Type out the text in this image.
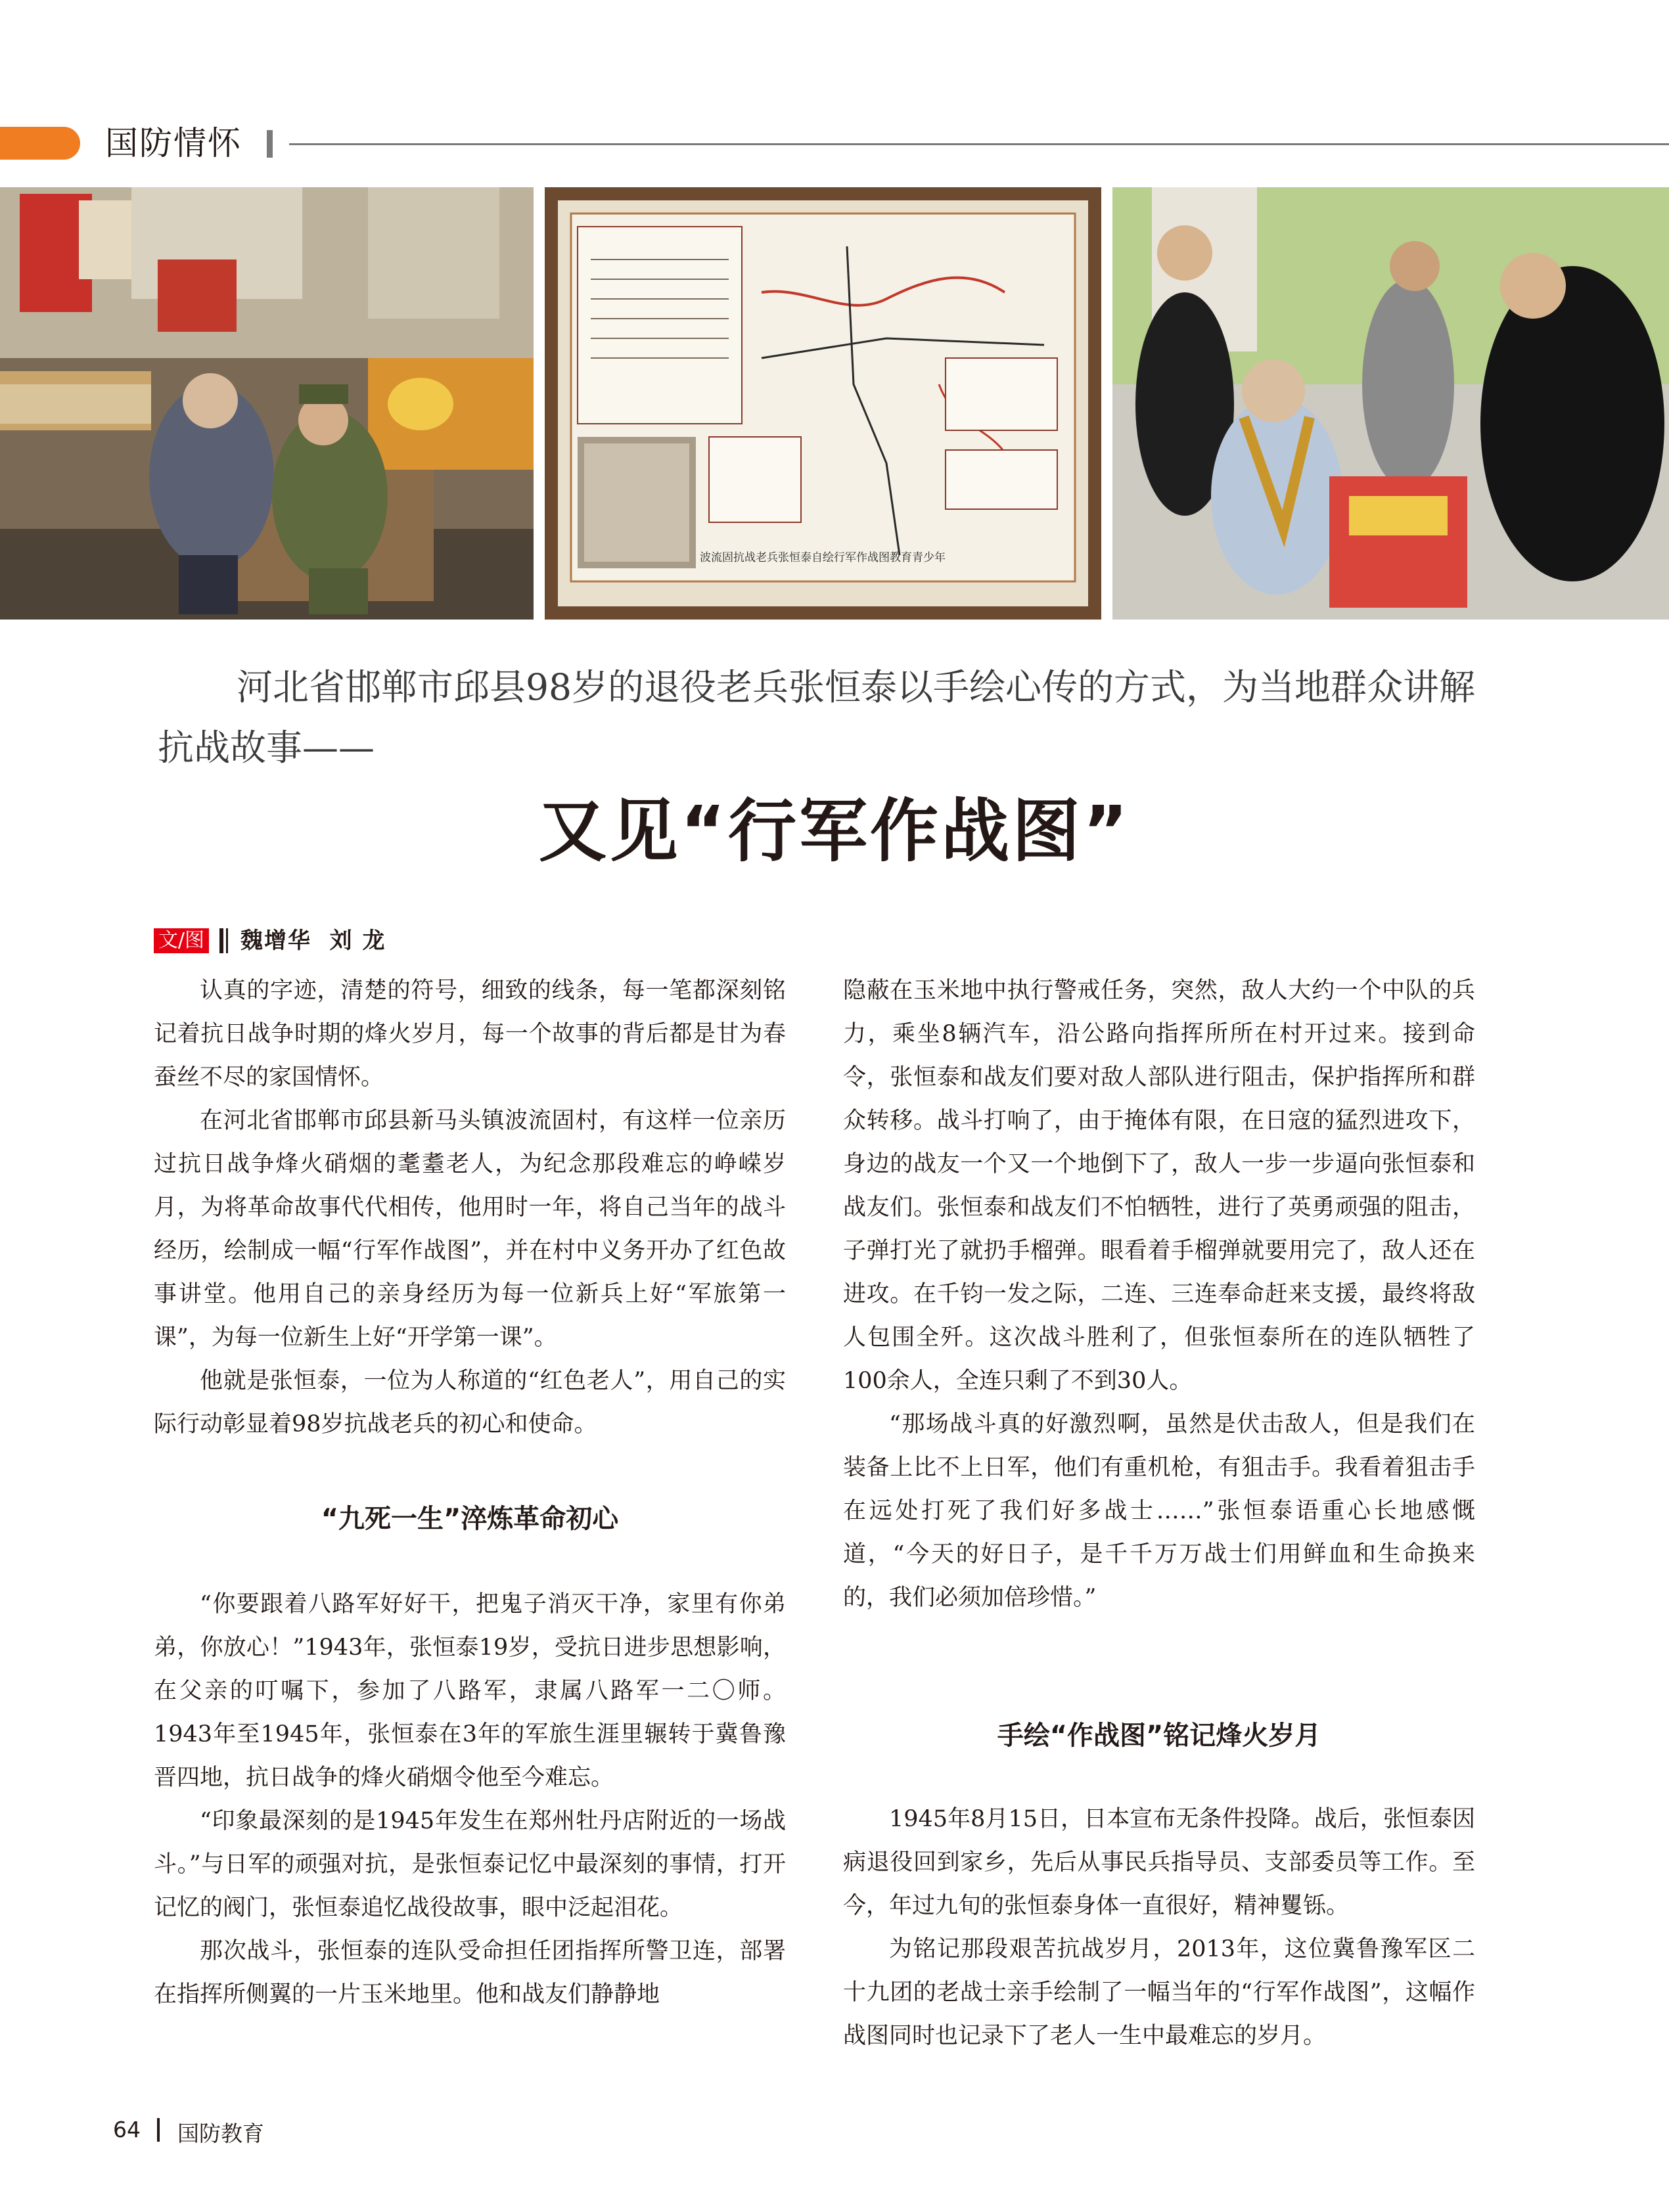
国防情怀
波流固抗战老兵张恒泰自绘行军作战图教育青少年
河北省邯郸市邱县98岁的退役老兵张恒泰以手绘心传的方式，为当地群众讲解抗战故事——
又见“行军作战图”
文/图 魏增华  刘 龙

认真的字迹，清楚的符号，细致的线条，每一笔都深刻铭记着抗日战争时期的烽火岁月，每一个故事的背后都是甘为春蚕丝不尽的家国情怀。

在河北省邯郸市邱县新马头镇波流固村，有这样一位亲历过抗日战争烽火硝烟的耄耋老人，为纪念那段难忘的峥嵘岁月，为将革命故事代代相传，他用时一年，将自己当年的战斗经历，绘制成一幅“行军作战图”，并在村中义务开办了红色故事讲堂。他用自己的亲身经历为每一位新兵上好“军旅第一课”，为每一位新生上好“开学第一课”。

他就是张恒泰，一位为人称道的“红色老人”，用自己的实际行动彰显着98岁抗战老兵的初心和使命。

“九死一生”淬炼革命初心

“你要跟着八路军好好干，把鬼子消灭干净，家里有你弟弟，你放心！”1943年，张恒泰19岁，受抗日进步思想影响，在父亲的叮嘱下，参加了八路军，隶属八路军一二〇师。1943年至1945年，张恒泰在3年的军旅生涯里辗转于冀鲁豫晋四地，抗日战争的烽火硝烟令他至今难忘。

“印象最深刻的是1945年发生在郑州牡丹店附近的一场战斗。”与日军的顽强对抗，是张恒泰记忆中最深刻的事情，打开记忆的阀门，张恒泰追忆战役故事，眼中泛起泪花。

那次战斗，张恒泰的连队受命担任团指挥所警卫连，部署在指挥所侧翼的一片玉米地里。他和战友们静静地

隐蔽在玉米地中执行警戒任务，突然，敌人大约一个中队的兵力，乘坐8辆汽车，沿公路向指挥所所在村开过来。接到命令，张恒泰和战友们要对敌人部队进行阻击，保护指挥所和群众转移。战斗打响了，由于掩体有限，在日寇的猛烈进攻下，身边的战友一个又一个地倒下了，敌人一步一步逼向张恒泰和战友们。张恒泰和战友们不怕牺牲，进行了英勇顽强的阻击，子弹打光了就扔手榴弹。眼看着手榴弹就要用完了，敌人还在进攻。在千钧一发之际，二连、三连奉命赶来支援，最终将敌人包围全歼。这次战斗胜利了，但张恒泰所在的连队牺牲了100余人，全连只剩了不到30人。

“那场战斗真的好激烈啊，虽然是伏击敌人，但是我们在装备上比不上日军，他们有重机枪，有狙击手。我看着狙击手在远处打死了我们好多战士……”张恒泰语重心长地感慨道，“今天的好日子，是千千万万战士们用鲜血和生命换来的，我们必须加倍珍惜。”

手绘“作战图”铭记烽火岁月

1945年8月15日，日本宣布无条件投降。战后，张恒泰因病退役回到家乡，先后从事民兵指导员、支部委员等工作。至今，年过九旬的张恒泰身体一直很好，精神矍铄。

为铭记那段艰苦抗战岁月，2013年，这位冀鲁豫军区二十九团的老战士亲手绘制了一幅当年的“行军作战图”，这幅作战图同时也记录下了老人一生中最难忘的岁月。

64 国防教育
